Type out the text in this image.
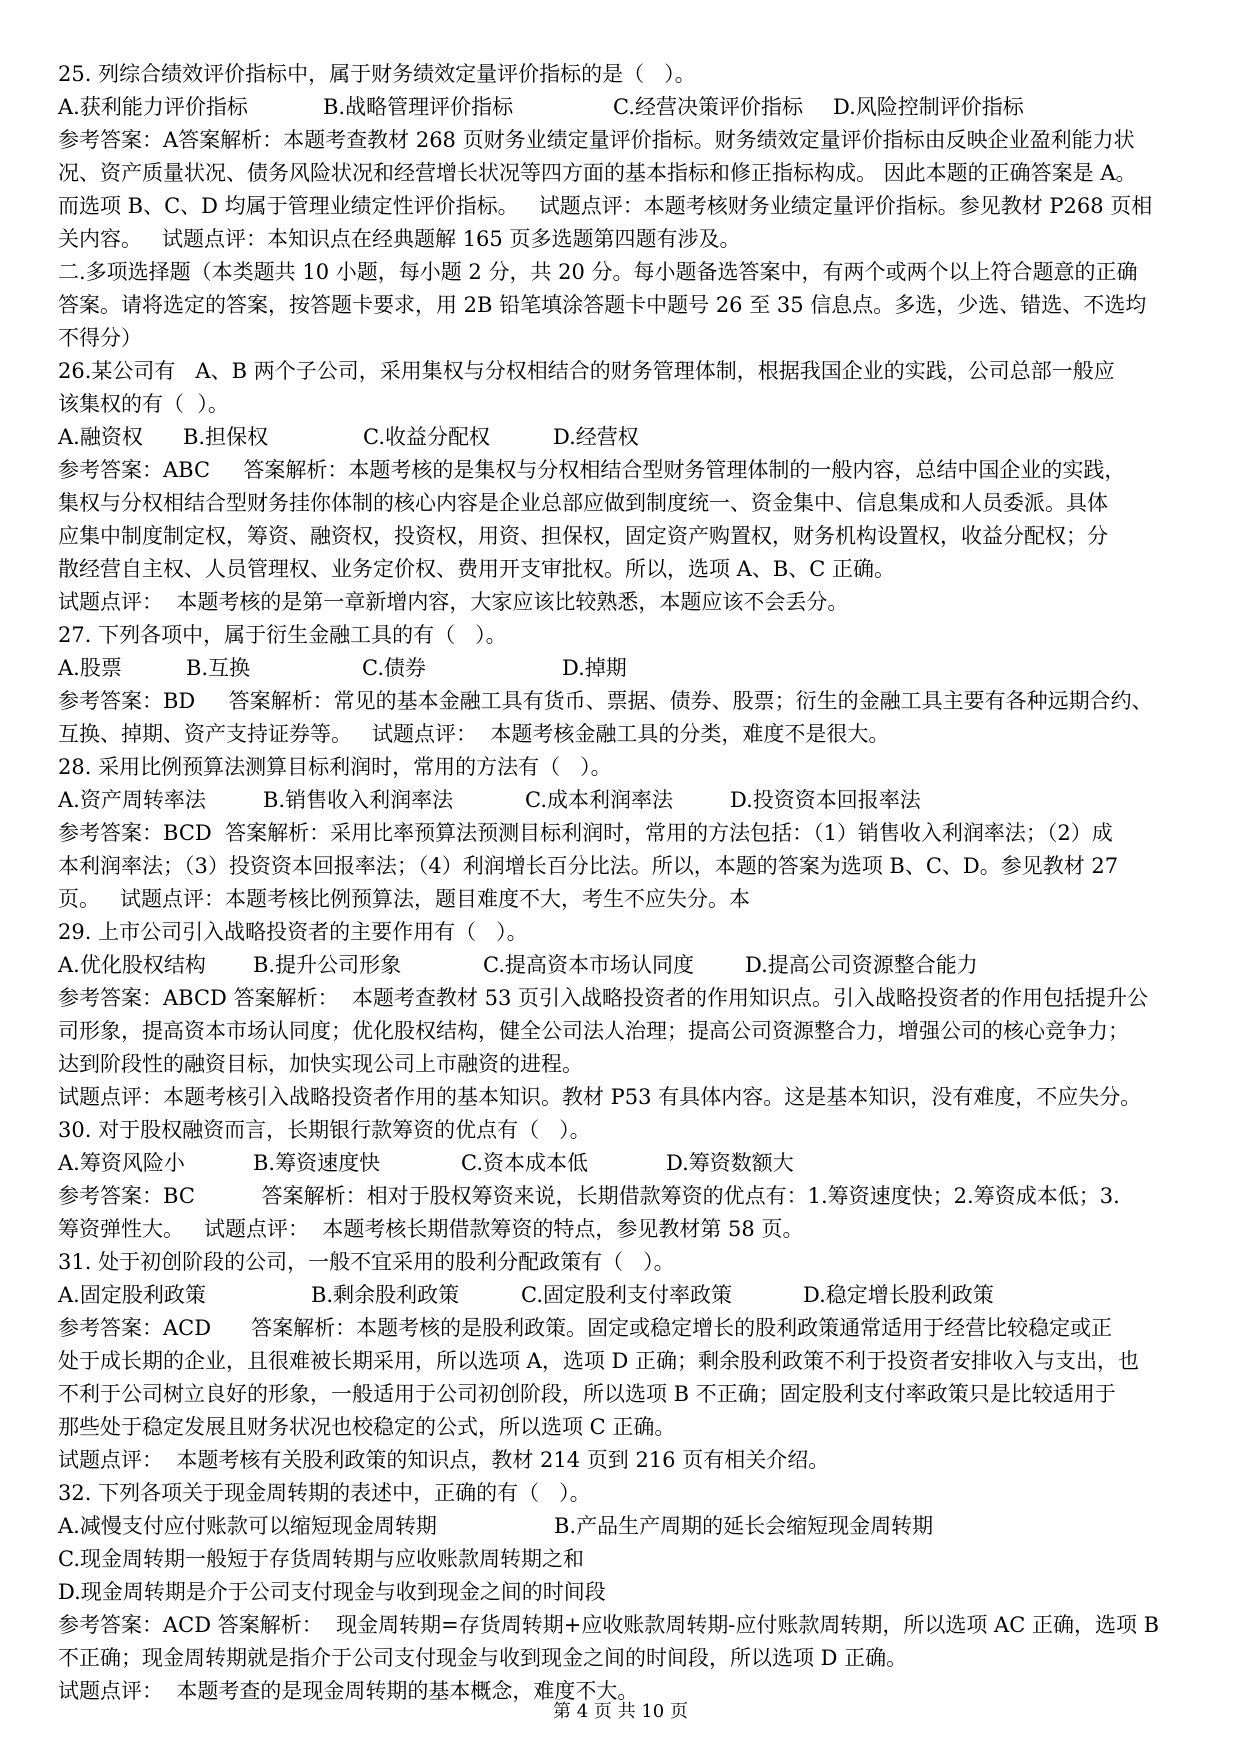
25. 列综合绩效评价指标中，属于财务绩效定量评价指标的是（   ）。
A.获利能力评价指标	B.战略管理评价指标	C.经营决策评价指标 D.风险控制评价指标
参考答案：A答案解析：本题考查教材 268 页财务业绩定量评价指标。财务绩效定量评价指标由反映企业盈利能力状
况、资产质量状况、债务风险状况和经营增长状况等四方面的基本指标和修正指标构成。 因此本题的正确答案是 A。
而选项 B、C、D 均属于管理业绩定性评价指标。   试题点评：本题考核财务业绩定量评价指标。参见教材 P268 页相
关内容。   试题点评：本知识点在经典题解 165 页多选题第四题有涉及。
二.多项选择题（本类题共 10 小题，每小题 2 分，共 20 分。每小题备选答案中，有两个或两个以上符合题意的正确
答案。请将选定的答案，按答题卡要求，用 2B 铅笔填涂答题卡中题号 26 至 35 信息点。多选，少选、错选、不选均
不得分）
26.某公司有   A、B 两个子公司，采用集权与分权相结合的财务管理体制，根据我国企业的实践，公司总部一般应
该集权的有（  ）。
A.融资权 B.担保权	C.收益分配权	D.经营权
参考答案：ABC     答案解析：本题考核的是集权与分权相结合型财务管理体制的一般内容，总结中国企业的实践，
集权与分权相结合型财务挂你体制的核心内容是企业总部应做到制度统一、资金集中、信息集成和人员委派。具体
应集中制度制定权，筹资、融资权，投资权，用资、担保权，固定资产购置权，财务机构设置权，收益分配权；分
散经营自主权、人员管理权、业务定价权、费用开支审批权。所以，选项 A、B、C 正确。
试题点评：  本题考核的是第一章新增内容，大家应该比较熟悉，本题应该不会丢分。
27. 下列各项中，属于衍生金融工具的有（   ）。
A.股票	B.互换	C.债券	D.掉期
参考答案：BD     答案解析：常见的基本金融工具有货币、票据、债券、股票；衍生的金融工具主要有各种远期合约、
互换、掉期、资产支持证券等。   试题点评：  本题考核金融工具的分类，难度不是很大。
28. 采用比例预算法测算目标利润时，常用的方法有（   ）。
A.资产周转率法	B.销售收入利润率法	C.成本利润率法	D.投资资本回报率法
参考答案：BCD  答案解析：采用比率预算法预测目标利润时，常用的方法包括：（1）销售收入利润率法；（2）成
本利润率法；（3）投资资本回报率法；（4）利润增长百分比法。所以，本题的答案为选项 B、C、D。参见教材 27
页。   试题点评：本题考核比例预算法，题目难度不大，考生不应失分。本
29. 上市公司引入战略投资者的主要作用有（   ）。
A.优化股权结构 B.提升公司形象	C.提高资本市场认同度 D.提高公司资源整合能力
参考答案：ABCD 答案解析：  本题考查教材 53 页引入战略投资者的作用知识点。引入战略投资者的作用包括提升公
司形象，提高资本市场认同度；优化股权结构，健全公司法人治理；提高公司资源整合力，增强公司的核心竞争力；
达到阶段性的融资目标，加快实现公司上市融资的进程。
试题点评：本题考核引入战略投资者作用的基本知识。教材 P53 有具体内容。这是基本知识，没有难度，不应失分。
30. 对于股权融资而言，长期银行款筹资的优点有（   ）。
A.筹资风险小	B.筹资速度快	C.资本成本低	D.筹资数额大
参考答案：BC          答案解析：相对于股权筹资来说，长期借款筹资的优点有：1.筹资速度快；2.筹资成本低；3.
筹资弹性大。   试题点评：  本题考核长期借款筹资的特点，参见教材第 58 页。
31. 处于初创阶段的公司，一般不宜采用的股利分配政策有（   ）。
A.固定股利政策	B.剩余股利政策	C.固定股利支付率政策	D.稳定增长股利政策
参考答案：ACD      答案解析：本题考核的是股利政策。固定或稳定增长的股利政策通常适用于经营比较稳定或正
处于成长期的企业，且很难被长期采用，所以选项 A，选项 D 正确；剩余股利政策不利于投资者安排收入与支出，也
不利于公司树立良好的形象，一般适用于公司初创阶段，所以选项 B 不正确；固定股利支付率政策只是比较适用于
那些处于稳定发展且财务状况也校稳定的公式，所以选项 C 正确。
试题点评：  本题考核有关股利政策的知识点，教材 214 页到 216 页有相关介绍。
32. 下列各项关于现金周转期的表述中，正确的有（   ）。
A.减慢支付应付账款可以缩短现金周转期	B.产品生产周期的延长会缩短现金周转期
C.现金周转期一般短于存货周转期与应收账款周转期之和
D.现金周转期是介于公司支付现金与收到现金之间的时间段
参考答案：ACD 答案解析：  现金周转期=存货周转期+应收账款周转期-应付账款周转期，所以选项 AC 正确，选项 B
不正确；现金周转期就是指介于公司支付现金与收到现金之间的时间段，所以选项 D 正确。
试题点评：  本题考查的是现金周转期的基本概念，难度不大。
第 4 页 共 10 页
